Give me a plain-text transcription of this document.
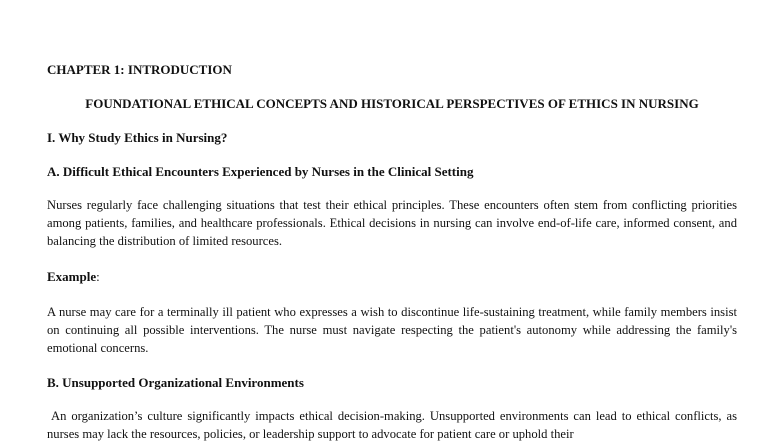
CHAPTER 1: INTRODUCTION
FOUNDATIONAL ETHICAL CONCEPTS AND HISTORICAL PERSPECTIVES OF ETHICS IN NURSING
I. Why Study Ethics in Nursing?
A. Difficult Ethical Encounters Experienced by Nurses in the Clinical Setting

Nurses regularly face challenging situations that test their ethical principles. These encounters often stem from conflicting priorities among patients, families, and healthcare professionals. Ethical decisions in nursing can involve end-of-life care, informed consent, and balancing the distribution of limited resources.

Example:

A nurse may care for a terminally ill patient who expresses a wish to discontinue life-sustaining treatment, while family members insist on continuing all possible interventions. The nurse must navigate respecting the patient's autonomy while addressing the family's emotional concerns.

B. Unsupported Organizational Environments

An organization’s culture significantly impacts ethical decision-making. Unsupported environments can lead to ethical conflicts, as nurses may lack the resources, policies, or leadership support to advocate for patient care or uphold their
